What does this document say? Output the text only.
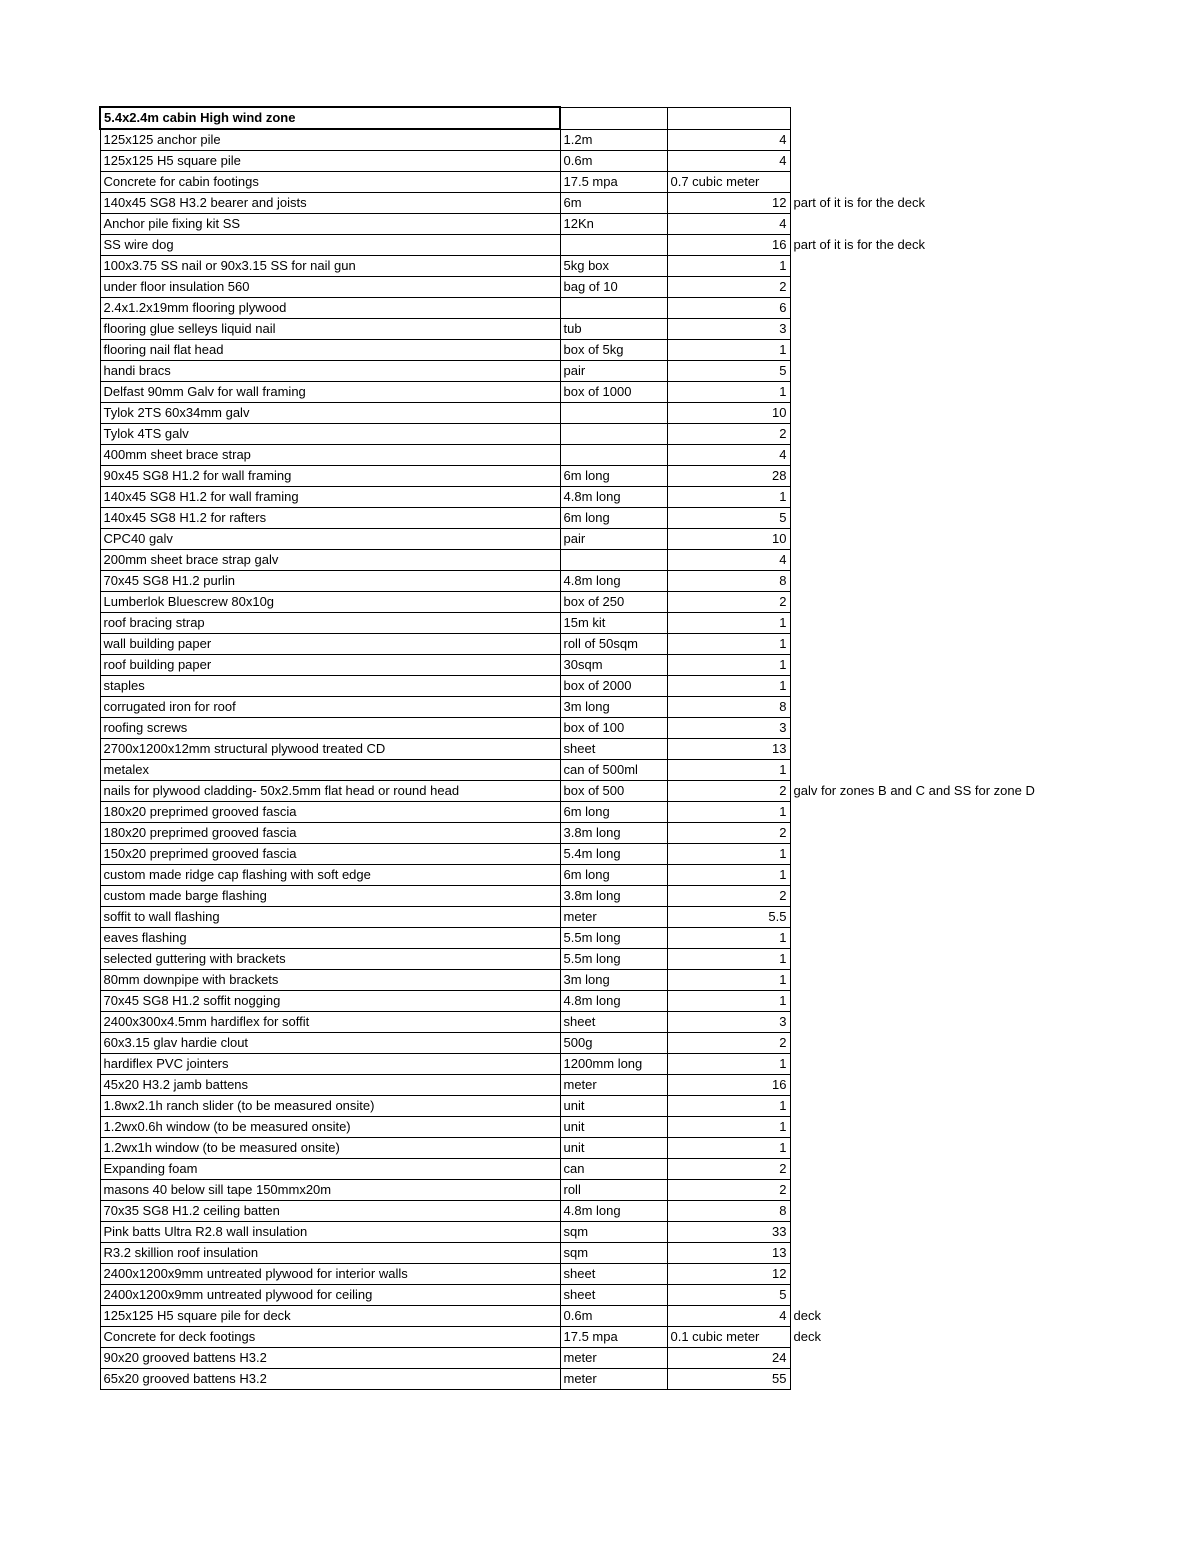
5.4x2.4m cabin High wind zone			
125x125 anchor pile	1.2m	4	
125x125 H5 square pile	0.6m	4	
Concrete for cabin footings	17.5 mpa	0.7 cubic meter	
140x45 SG8 H3.2 bearer and joists	6m	12	part of it is for the deck
Anchor pile fixing kit SS	12Kn	4	
SS wire dog		16	part of it is for the deck
100x3.75 SS nail or 90x3.15 SS for nail gun	5kg box	1	
under floor insulation 560	bag of 10	2	
2.4x1.2x19mm flooring plywood		6	
flooring glue selleys liquid nail	tub	3	
flooring nail flat head	box of 5kg	1	
handi bracs	pair	5	
Delfast 90mm Galv for wall framing	box of 1000	1	
Tylok 2TS 60x34mm galv		10	
Tylok 4TS galv		2	
400mm sheet brace strap		4	
90x45 SG8 H1.2 for wall framing	6m long	28	
140x45 SG8 H1.2 for wall framing	4.8m long	1	
140x45 SG8 H1.2 for rafters	6m long	5	
CPC40 galv	pair	10	
200mm sheet brace strap galv		4	
70x45 SG8 H1.2 purlin	4.8m long	8	
Lumberlok Bluescrew 80x10g	box of 250	2	
roof bracing strap	15m kit	1	
wall building paper	roll of 50sqm	1	
roof building paper	30sqm	1	
staples	box of 2000	1	
corrugated iron for roof	3m long	8	
roofing screws	box of 100	3	
2700x1200x12mm structural plywood treated CD	sheet	13	
metalex	can of 500ml	1	
nails for plywood cladding- 50x2.5mm flat head or round head	box of 500	2	galv for zones B and C and SS for zone D
180x20 preprimed grooved fascia	6m long	1	
180x20 preprimed grooved fascia	3.8m long	2	
150x20 preprimed grooved fascia	5.4m long	1	
custom made ridge cap flashing with soft edge	6m long	1	
custom made barge flashing	3.8m long	2	
soffit to wall flashing	meter	5.5	
eaves flashing	5.5m long	1	
selected guttering with brackets	5.5m long	1	
80mm downpipe with brackets	3m long	1	
70x45 SG8 H1.2 soffit nogging	4.8m long	1	
2400x300x4.5mm hardiflex for soffit	sheet	3	
60x3.15 glav hardie clout	500g	2	
hardiflex PVC jointers	1200mm long	1	
45x20 H3.2 jamb battens	meter	16	
1.8wx2.1h ranch slider (to be measured onsite)	unit	1	
1.2wx0.6h window (to be measured onsite)	unit	1	
1.2wx1h window (to be measured onsite)	unit	1	
Expanding foam	can	2	
masons 40 below sill tape 150mmx20m	roll	2	
70x35 SG8 H1.2 ceiling batten	4.8m long	8	
Pink batts Ultra R2.8 wall insulation	sqm	33	
R3.2 skillion roof insulation	sqm	13	
2400x1200x9mm untreated plywood for interior walls	sheet	12	
2400x1200x9mm untreated plywood for ceiling	sheet	5	
125x125 H5 square pile for deck	0.6m	4	deck
Concrete for deck footings	17.5 mpa	0.1 cubic meter	deck
90x20 grooved battens H3.2	meter	24	
65x20 grooved battens H3.2	meter	55	
